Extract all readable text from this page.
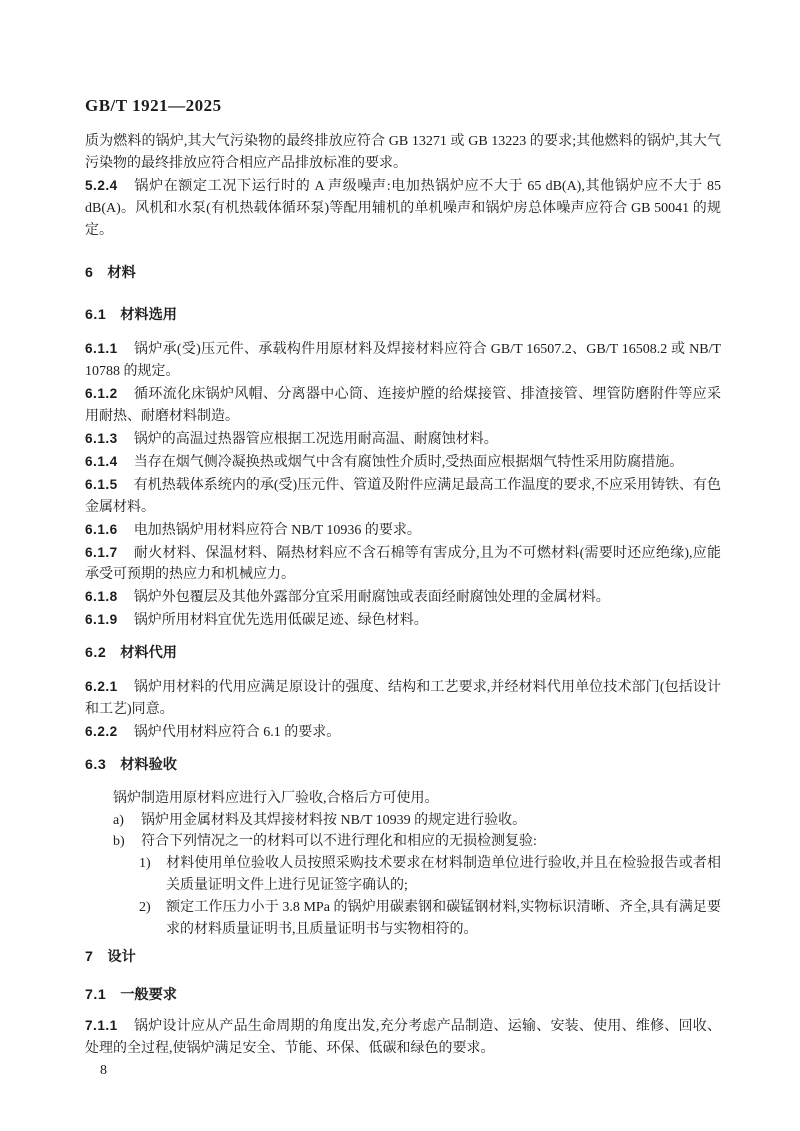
GB/T 1921—2025

质为燃料的锅炉,其大气污染物的最终排放应符合 GB 13271 或 GB 13223 的要求;其他燃料的锅炉,其大气污染物的最终排放应符合相应产品排放标准的要求。

5.2.4 锅炉在额定工况下运行时的 A 声级噪声:电加热锅炉应不大于 65 dB(A),其他锅炉应不大于 85 dB(A)。风机和水泵(有机热载体循环泵)等配用辅机的单机噪声和锅炉房总体噪声应符合 GB 50041 的规定。

6 材料

6.1 材料选用

6.1.1 锅炉承(受)压元件、承载构件用原材料及焊接材料应符合 GB/T 16507.2、GB/T 16508.2 或 NB/T 10788 的规定。

6.1.2 循环流化床锅炉风帽、分离器中心筒、连接炉膛的给煤接管、排渣接管、埋管防磨附件等应采用耐热、耐磨材料制造。

6.1.3 锅炉的高温过热器管应根据工况选用耐高温、耐腐蚀材料。

6.1.4 当存在烟气侧冷凝换热或烟气中含有腐蚀性介质时,受热面应根据烟气特性采用防腐措施。

6.1.5 有机热载体系统内的承(受)压元件、管道及附件应满足最高工作温度的要求,不应采用铸铁、有色金属材料。

6.1.6 电加热锅炉用材料应符合 NB/T 10936 的要求。

6.1.7 耐火材料、保温材料、隔热材料应不含石棉等有害成分,且为不可燃材料(需要时还应绝缘),应能承受可预期的热应力和机械应力。

6.1.8 锅炉外包覆层及其他外露部分宜采用耐腐蚀或表面经耐腐蚀处理的金属材料。

6.1.9 锅炉所用材料宜优先选用低碳足迹、绿色材料。

6.2 材料代用

6.2.1 锅炉用材料的代用应满足原设计的强度、结构和工艺要求,并经材料代用单位技术部门(包括设计和工艺)同意。

6.2.2 锅炉代用材料应符合 6.1 的要求。

6.3 材料验收

锅炉制造用原材料应进行入厂验收,合格后方可使用。

a) 锅炉用金属材料及其焊接材料按 NB/T 10939 的规定进行验收。

b) 符合下列情况之一的材料可以不进行理化和相应的无损检测复验:

1) 材料使用单位验收人员按照采购技术要求在材料制造单位进行验收,并且在检验报告或者相关质量证明文件上进行见证签字确认的;

2) 额定工作压力小于 3.8 MPa 的锅炉用碳素钢和碳锰钢材料,实物标识清晰、齐全,具有满足要求的材料质量证明书,且质量证明书与实物相符的。

7 设计

7.1 一般要求

7.1.1 锅炉设计应从产品生命周期的角度出发,充分考虑产品制造、运输、安装、使用、维修、回收、处理的全过程,使锅炉满足安全、节能、环保、低碳和绿色的要求。

8
